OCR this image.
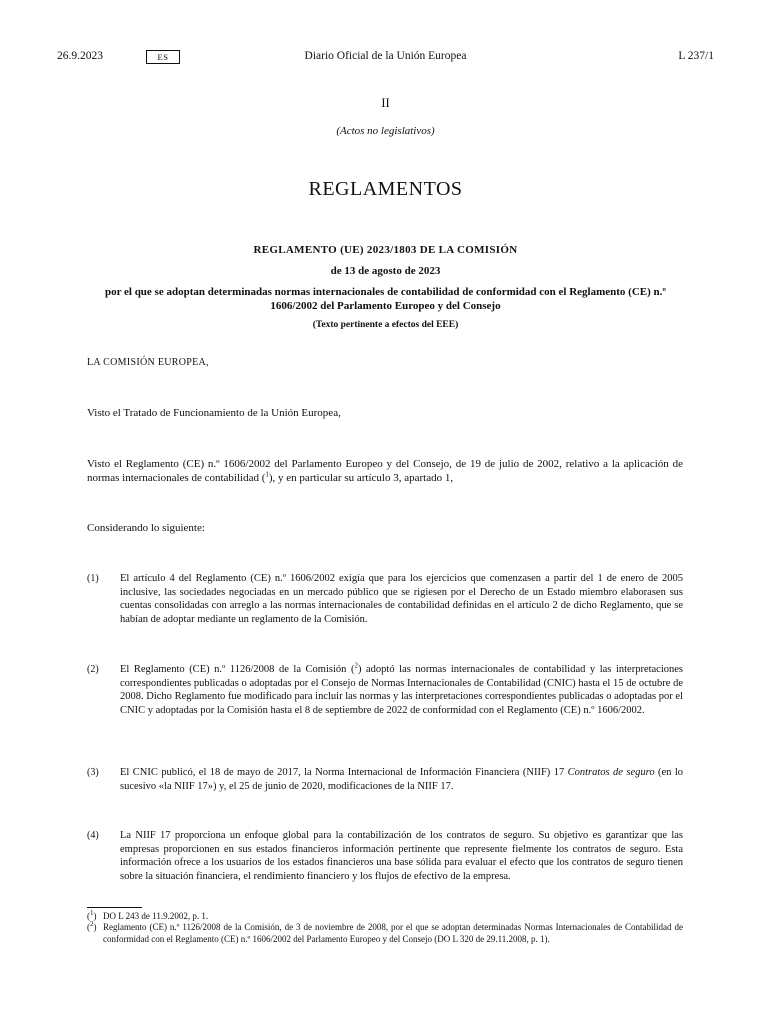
Diario Oficial de la Unión Europea
26.9.2023	ES	L 237/1
II
(Actos no legislativos)
REGLAMENTOS
REGLAMENTO (UE) 2023/1803 DE LA COMISIÓN
de 13 de agosto de 2023
por el que se adoptan determinadas normas internacionales de contabilidad de conformidad con el Reglamento (CE) n.º 1606/2002 del Parlamento Europeo y del Consejo
(Texto pertinente a efectos del EEE)
LA COMISIÓN EUROPEA,
Visto el Tratado de Funcionamiento de la Unión Europea,
Visto el Reglamento (CE) n.º 1606/2002 del Parlamento Europeo y del Consejo, de 19 de julio de 2002, relativo a la aplicación de normas internacionales de contabilidad ($^1$), y en particular su artículo 3, apartado 1,
Considerando lo siguiente:
(1) El artículo 4 del Reglamento (CE) n.º 1606/2002 exigía que para los ejercicios que comenzasen a partir del 1 de enero de 2005 inclusive, las sociedades negociadas en un mercado público que se rigiesen por el Derecho de un Estado miembro elaborasen sus cuentas consolidadas con arreglo a las normas internacionales de contabilidad definidas en el artículo 2 de dicho Reglamento, que se habían de adoptar mediante un reglamento de la Comisión.
(2) El Reglamento (CE) n.º 1126/2008 de la Comisión ($^2$) adoptó las normas internacionales de contabilidad y las interpretaciones correspondientes publicadas o adoptadas por el Consejo de Normas Internacionales de Contabilidad (CNIC) hasta el 15 de octubre de 2008. Dicho Reglamento fue modificado para incluir las normas y las interpretaciones correspondientes publicadas o adoptadas por el CNIC y adoptadas por la Comisión hasta el 8 de septiembre de 2022 de conformidad con el Reglamento (CE) n.º 1606/2002.
(3) El CNIC publicó, el 18 de mayo de 2017, la Norma Internacional de Información Financiera (NIIF) 17 Contratos de seguro (en lo sucesivo «la NIIF 17») y, el 25 de junio de 2020, modificaciones de la NIIF 17.
(4) La NIIF 17 proporciona un enfoque global para la contabilización de los contratos de seguro. Su objetivo es garantizar que las empresas proporcionen en sus estados financieros información pertinente que represente fielmente los contratos de seguro. Esta información ofrece a los usuarios de los estados financieros una base sólida para evaluar el efecto que los contratos de seguro tienen sobre la situación financiera, el rendimiento financiero y los flujos de efectivo de la empresa.
($^1$) DO L 243 de 11.9.2002, p. 1.
($^2$) Reglamento (CE) n.º 1126/2008 de la Comisión, de 3 de noviembre de 2008, por el que se adoptan determinadas Normas Internacionales de Contabilidad de conformidad con el Reglamento (CE) n.º 1606/2002 del Parlamento Europeo y del Consejo (DO L 320 de 29.11.2008, p. 1).
